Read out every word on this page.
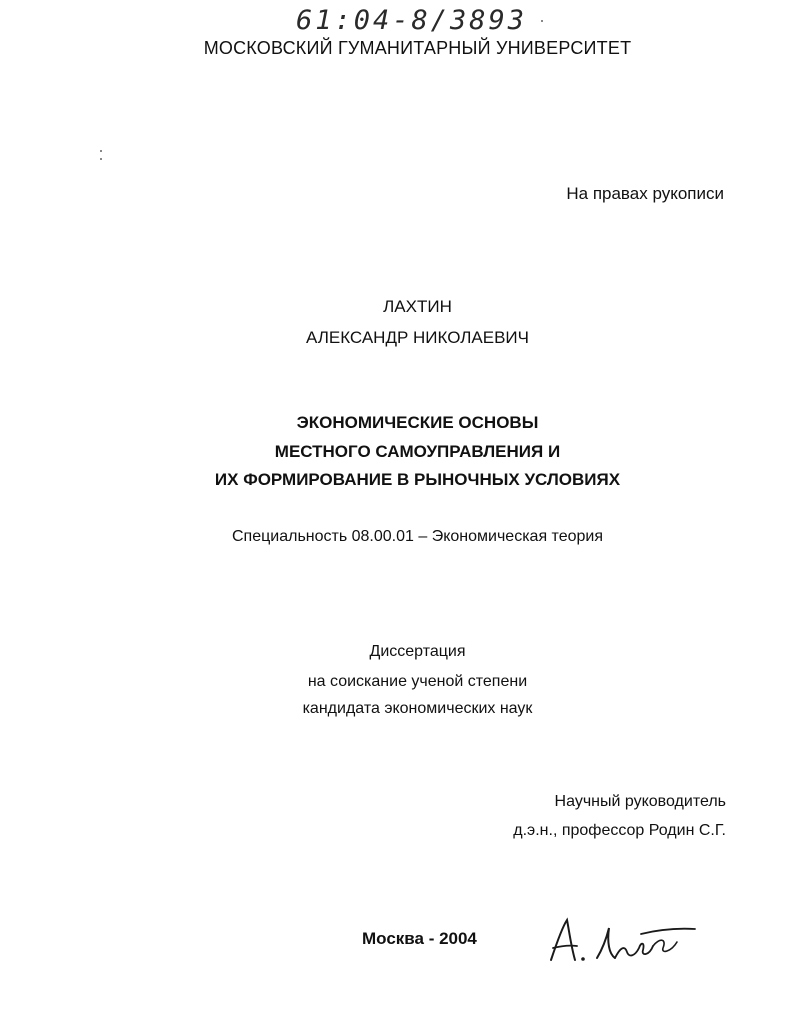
61:04-8/3893
МОСКОВСКИЙ ГУМАНИТАРНЫЙ УНИВЕРСИТЕТ
На правах рукописи
ЛАХТИН
АЛЕКСАНДР НИКОЛАЕВИЧ
ЭКОНОМИЧЕСКИЕ ОСНОВЫ
МЕСТНОГО САМОУПРАВЛЕНИЯ И
ИХ ФОРМИРОВАНИЕ В РЫНОЧНЫХ УСЛОВИЯХ
Специальность 08.00.01 – Экономическая теория
Диссертация
на соискание ученой степени
кандидата экономических наук
Научный руководитель
д.э.н., профессор Родин С.Г.
Москва - 2004
